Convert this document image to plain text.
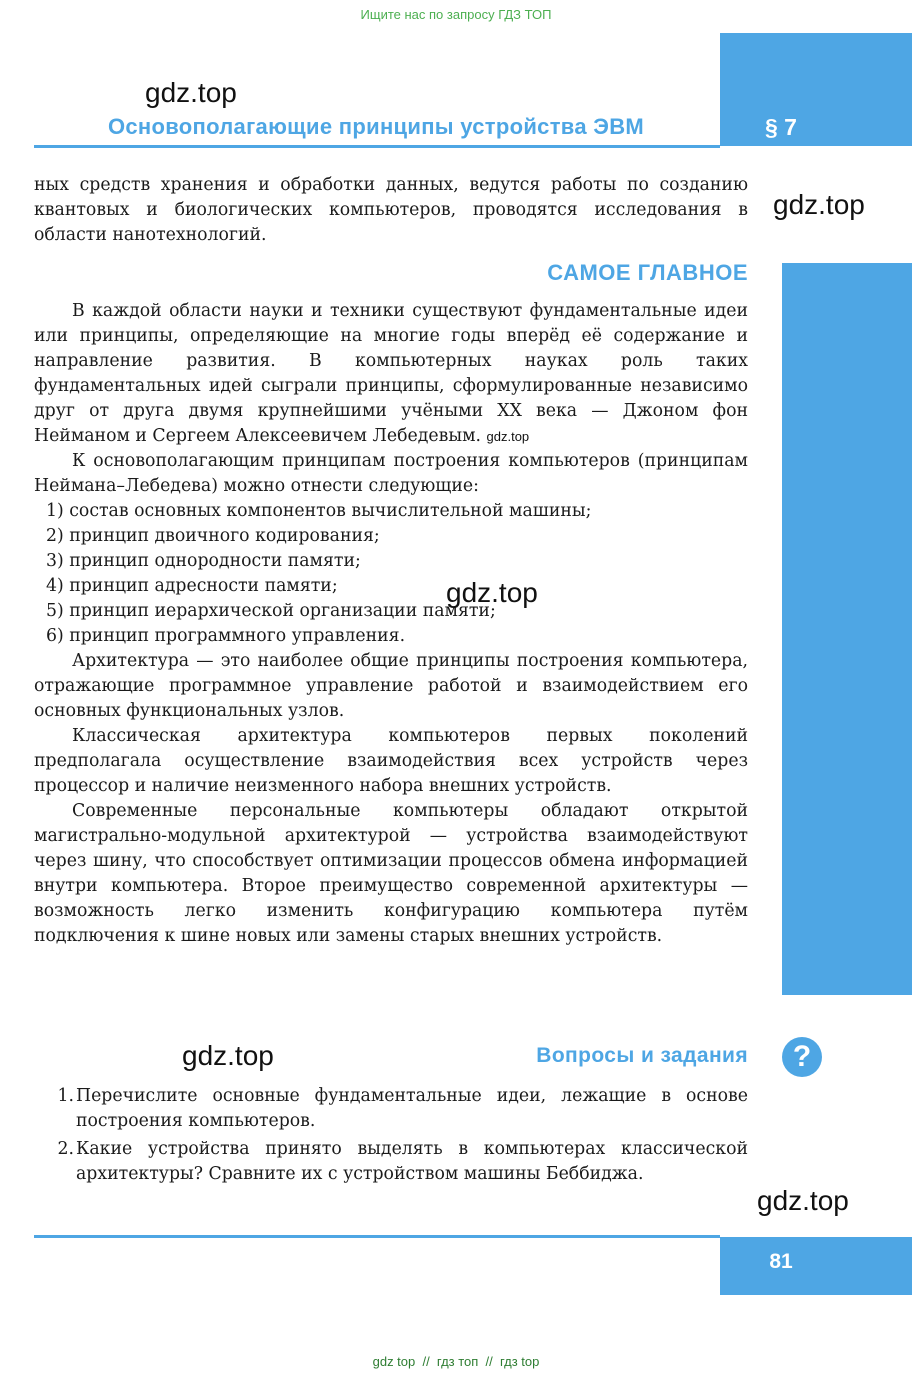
Ищите нас по запросу ГДЗ ТОП
§ 7
gdz.top
Основополагающие принципы устройства ЭВМ
gdz.top

ных средств хранения и обработки данных, ведутся работы по созданию квантовых и биологических компьютеров, проводятся исследования в области нанотехнологий.

САМОЕ ГЛАВНОЕ

В каждой области науки и техники существуют фундаментальные идеи или принципы, определяющие на многие годы вперёд её содержание и направление развития. В компьютерных науках роль таких фундаментальных идей сыграли принципы, сформулированные независимо друг от друга двумя крупнейшими учёными XX века — Джоном фон Нейманом и Сергеем Алексеевичем Лебедевым. gdz.top

К основополагающим принципам построения компьютеров (принципам Неймана–Лебедева) можно отнести следующие:

1) состав основных компонентов вычислительной машины;

2) принцип двоичного кодирования;

3) принцип однородности памяти;

4) принцип адресности памяти;

5) принцип иерархической организации памяти;

6) принцип программного управления.

Архитектура — это наиболее общие принципы построения компьютера, отражающие программное управление работой и взаимодействием его основных функциональных узлов.

Классическая архитектура компьютеров первых поколений предполагала осуществление взаимодействия всех устройств через процессор и наличие неизменного набора внешних устройств.

Современные персональные компьютеры обладают открытой магистрально-модульной архитектурой — устройства взаимодействуют через шину, что способствует оптимизации процессов обмена информацией внутри компьютера. Второе преимущество современной архитектуры — возможность легко изменить конфигурацию компьютера путём подключения к шине новых или замены старых внешних устройств.

gdz.top
gdz.top	Вопросы и задания	?
1. Перечислите основные фундаментальные идеи, лежащие в основе построения компьютеров.
2. Какие устройства принято выделять в компьютерах классической архитектуры? Сравните их с устройством машины Беббиджа.
gdz.top
81
gdz top  //  гдз топ  //  гдз top
